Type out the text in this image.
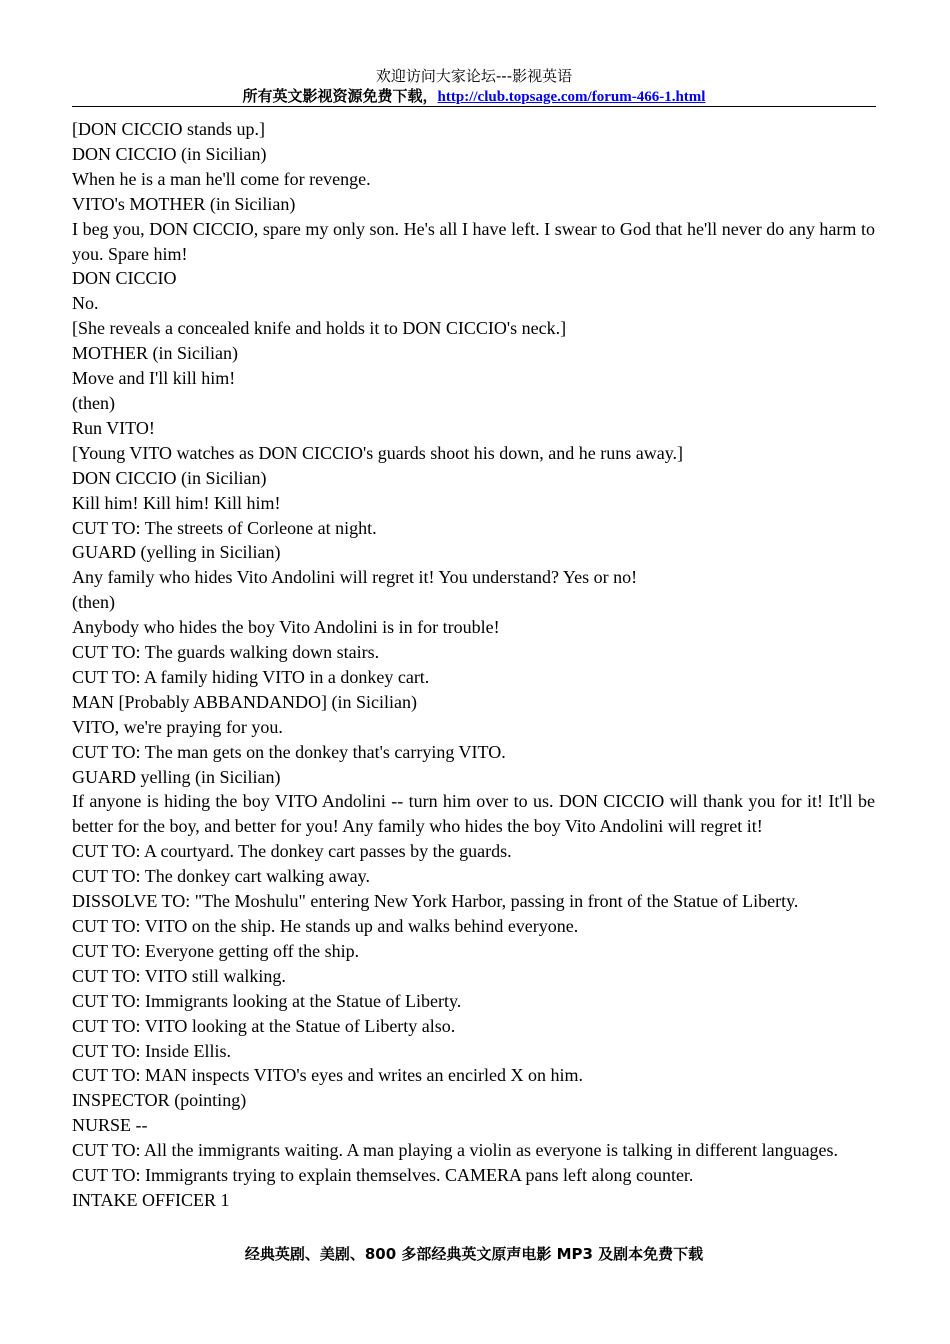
欢迎访问大家论坛---影视英语
所有英文影视资源免费下载，http://club.topsage.com/forum-466-1.html

[DON CICCIO stands up.]

DON CICCIO (in Sicilian)

When he is a man he'll come for revenge.

VITO's MOTHER (in Sicilian)

I beg you, DON CICCIO, spare my only son. He's all I have left. I swear to God that he'll never do any harm to you. Spare him!

DON CICCIO

No.

[She reveals a concealed knife and holds it to DON CICCIO's neck.]

MOTHER (in Sicilian)

Move and I'll kill him!

(then)

Run VITO!

[Young VITO watches as DON CICCIO's guards shoot his down, and he runs away.]

DON CICCIO (in Sicilian)

Kill him! Kill him! Kill him!

CUT TO: The streets of Corleone at night.

GUARD (yelling in Sicilian)

Any family who hides Vito Andolini will regret it! You understand? Yes or no!

(then)

Anybody who hides the boy Vito Andolini is in for trouble!

CUT TO: The guards walking down stairs.

CUT TO: A family hiding VITO in a donkey cart.

MAN [Probably ABBANDANDO] (in Sicilian)

VITO, we're praying for you.

CUT TO: The man gets on the donkey that's carrying VITO.

GUARD yelling (in Sicilian)

If anyone is hiding the boy VITO Andolini -- turn him over to us. DON CICCIO will thank you for it! It'll be better for the boy, and better for you! Any family who hides the boy Vito Andolini will regret it!

CUT TO: A courtyard. The donkey cart passes by the guards.

CUT TO: The donkey cart walking away.

DISSOLVE TO: "The Moshulu" entering New York Harbor, passing in front of the Statue of Liberty.

CUT TO: VITO on the ship. He stands up and walks behind everyone.

CUT TO: Everyone getting off the ship.

CUT TO: VITO still walking.

CUT TO: Immigrants looking at the Statue of Liberty.

CUT TO: VITO looking at the Statue of Liberty also.

CUT TO: Inside Ellis.

CUT TO: MAN inspects VITO's eyes and writes an encirled X on him.

INSPECTOR (pointing)

NURSE --

CUT TO: All the immigrants waiting. A man playing a violin as everyone is talking in different languages.

CUT TO: Immigrants trying to explain themselves. CAMERA pans left along counter.

INTAKE OFFICER 1

经典英剧、美剧、800 多部经典英文原声电影 MP3 及剧本免费下载
